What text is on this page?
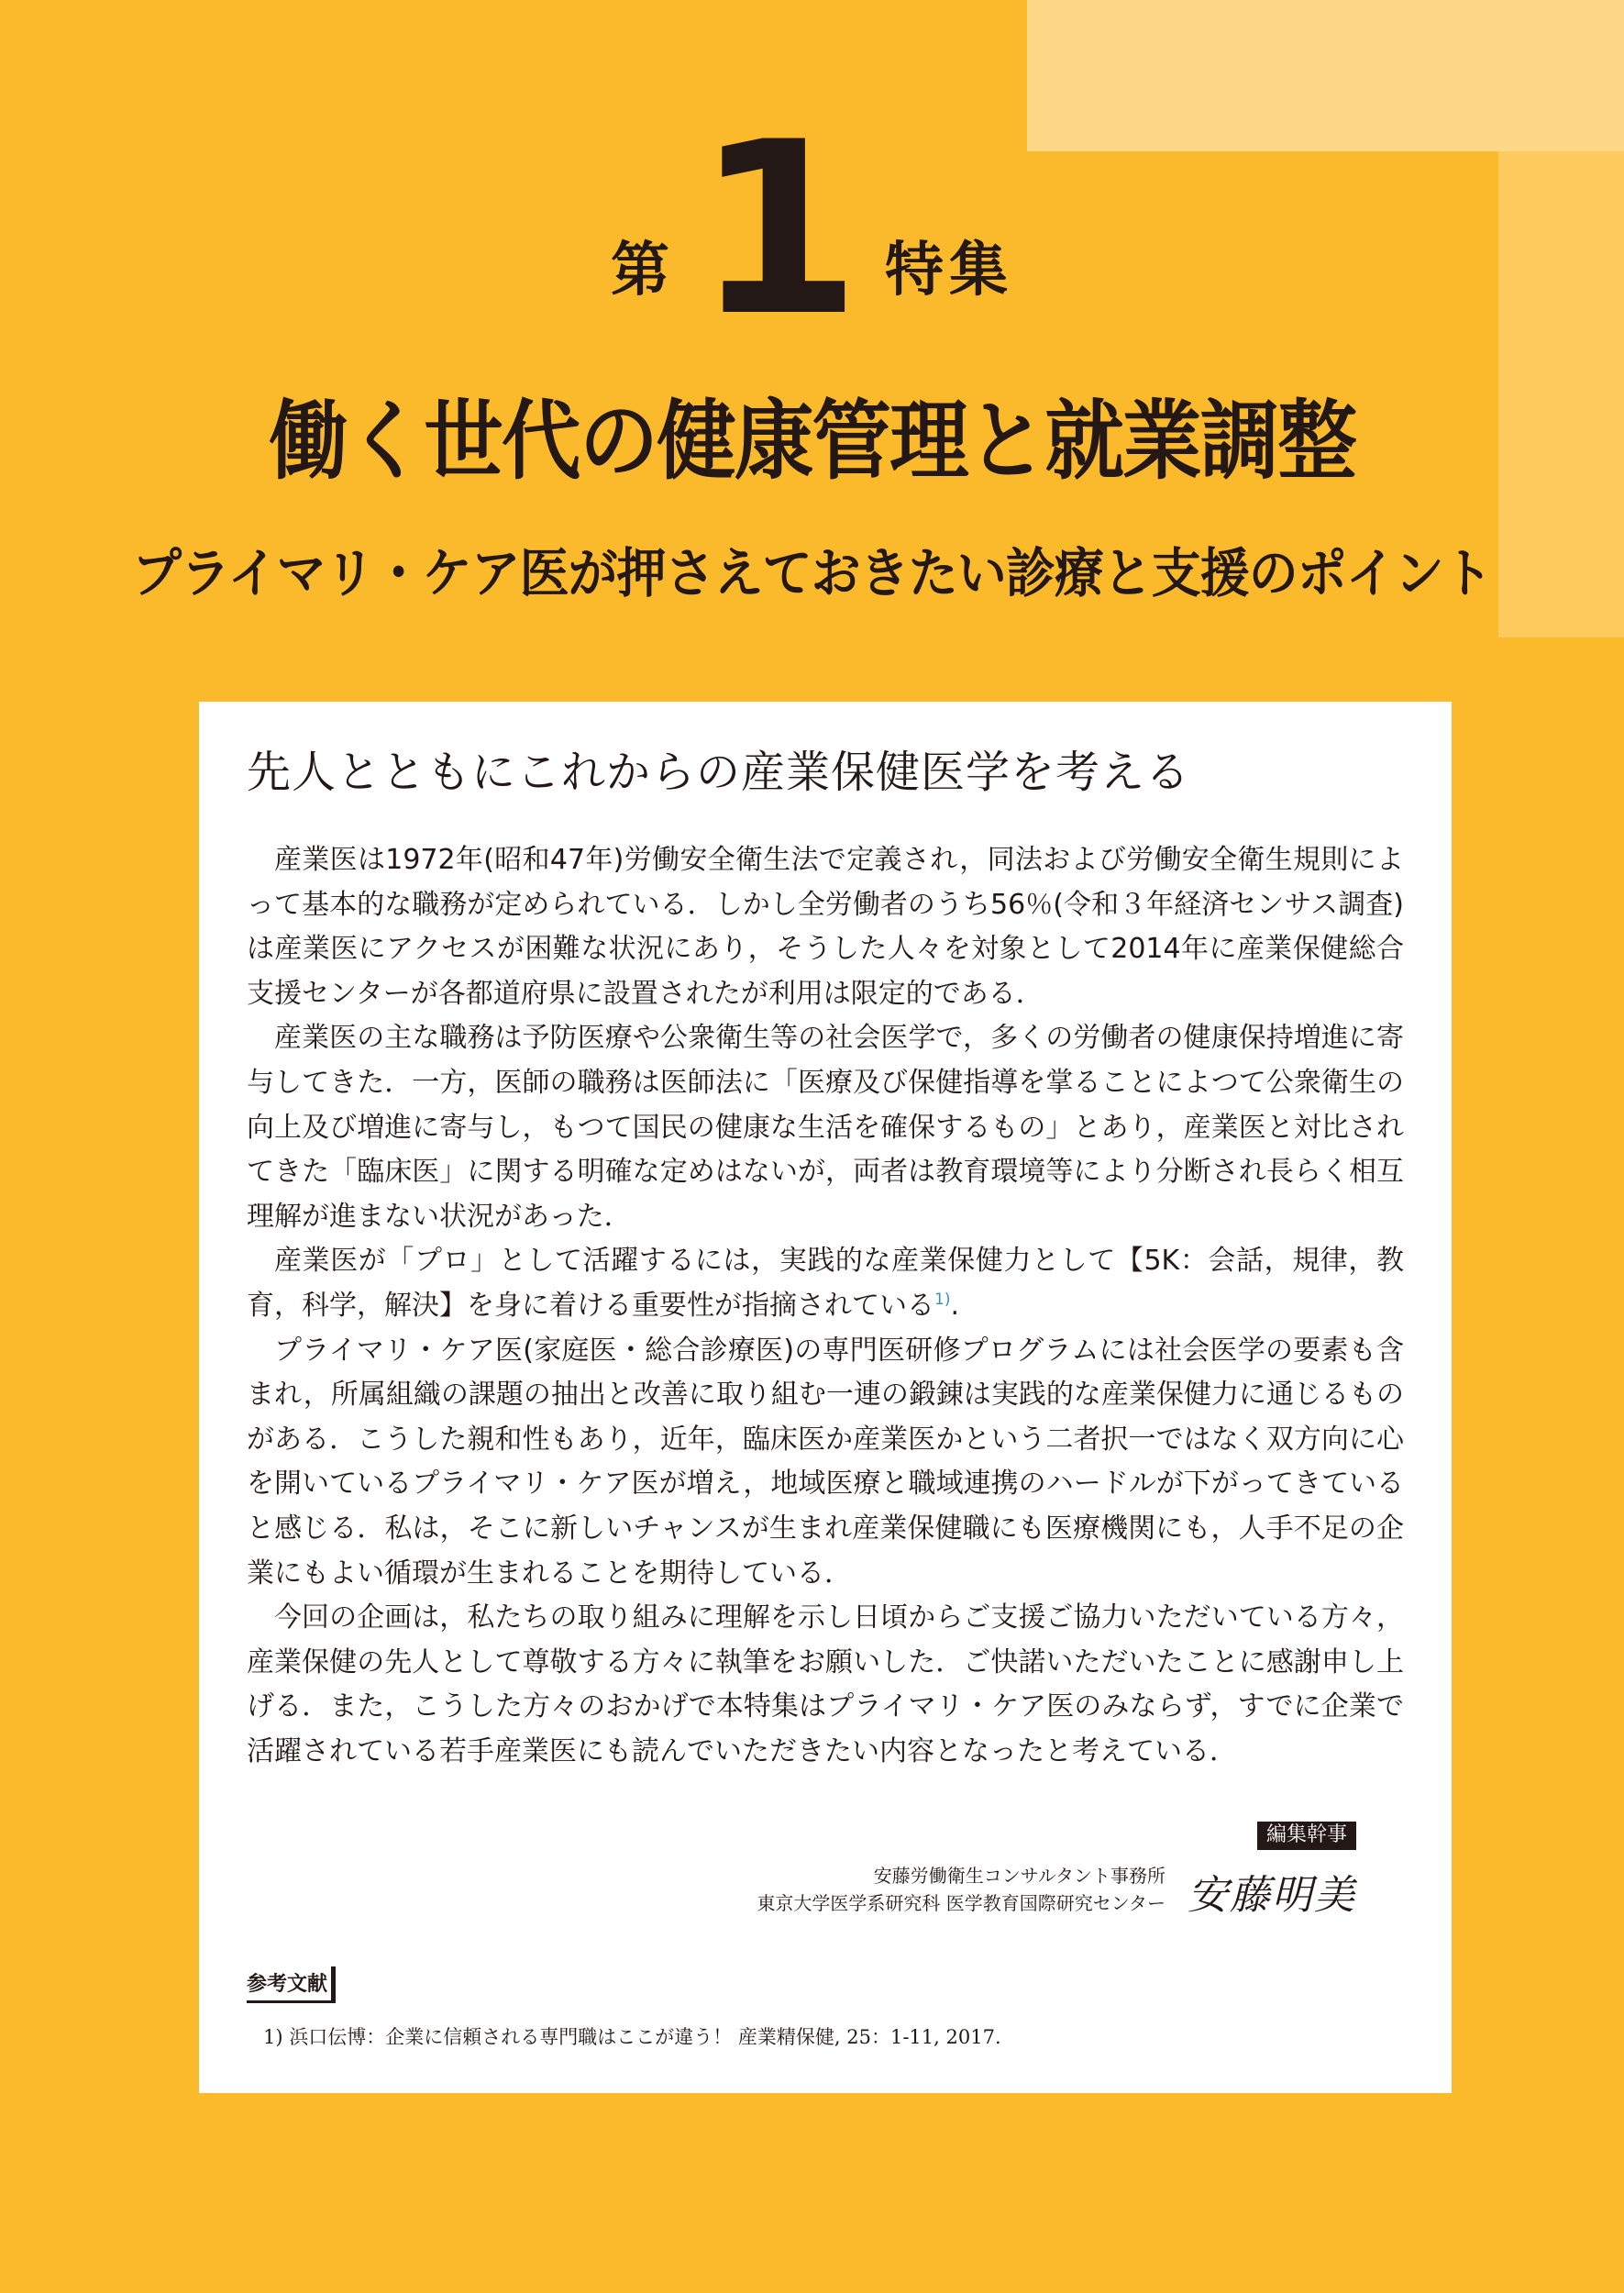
第 1 特集
働く世代の健康管理と就業調整
プライマリ・ケア医が押さえておきたい診療と支援のポイント
先人とともにこれからの産業保健医学を考える

産業医は1972年(昭和47年)労働安全衛生法で定義され，同法および労働安全衛生規則によって基本的な職務が定められている．しかし全労働者のうち56％(令和３年経済センサス調査)は産業医にアクセスが困難な状況にあり，そうした人々を対象として2014年に産業保健総合支援センターが各都道府県に設置されたが利用は限定的である．

産業医の主な職務は予防医療や公衆衛生等の社会医学で，多くの労働者の健康保持増進に寄与してきた．一方，医師の職務は医師法に「医療及び保健指導を掌ることによつて公衆衛生の向上及び増進に寄与し，もつて国民の健康な生活を確保するもの」とあり，産業医と対比されてきた「臨床医」に関する明確な定めはないが，両者は教育環境等により分断され長らく相互理解が進まない状況があった．

産業医が「プロ」として活躍するには，実践的な産業保健力として【5K：会話，規律，教育，科学，解決】を身に着ける重要性が指摘されている$^{1)}$.

プライマリ・ケア医(家庭医・総合診療医)の専門医研修プログラムには社会医学の要素も含まれ，所属組織の課題の抽出と改善に取り組む一連の鍛錬は実践的な産業保健力に通じるものがある．こうした親和性もあり，近年，臨床医か産業医かという二者択一ではなく双方向に心を開いているプライマリ・ケア医が増え，地域医療と職域連携のハードルが下がってきていると感じる．私は，そこに新しいチャンスが生まれ産業保健職にも医療機関にも，人手不足の企業にもよい循環が生まれることを期待している．

今回の企画は，私たちの取り組みに理解を示し日頃からご支援ご協力いただいている方々，産業保健の先人として尊敬する方々に執筆をお願いした．ご快諾いただいたことに感謝申し上げる．また，こうした方々のおかげで本特集はプライマリ・ケア医のみならず，すでに企業で活躍されている若手産業医にも読んでいただきたい内容となったと考えている．

編集幹事
安藤労働衛生コンサルタント事務所
東京大学医学系研究科 医学教育国際研究センター 安藤明美
参考文献
1) 浜口伝博：企業に信頼される専門職はここが違う！ 産業精保健, 25：1-11, 2017.
